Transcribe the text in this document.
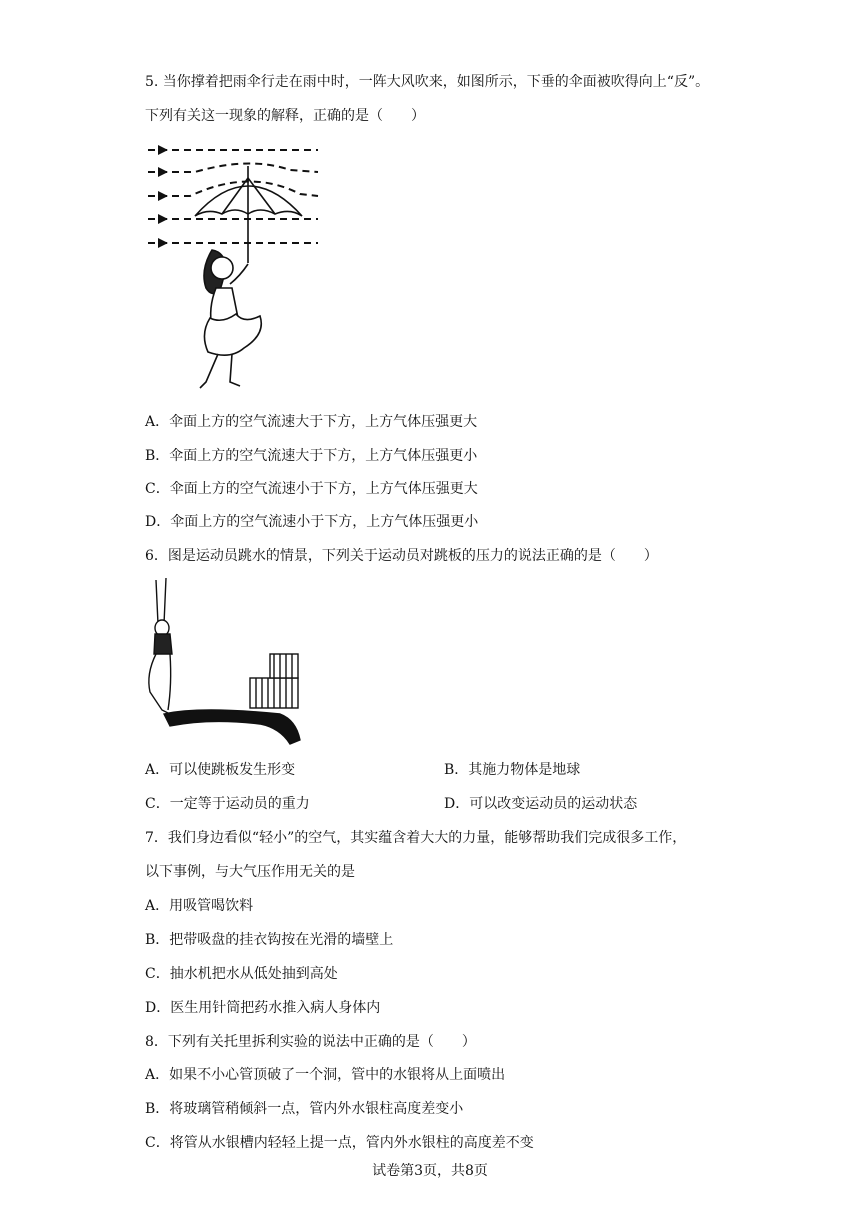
5. 当你撑着把雨伞行走在雨中时，一阵大风吹来，如图所示，下垂的伞面被吹得向上“反”。
下列有关这一现象的解释，正确的是（　　）
A．伞面上方的空气流速大于下方，上方气体压强更大
B．伞面上方的空气流速大于下方，上方气体压强更小
C．伞面上方的空气流速小于下方，上方气体压强更大
D．伞面上方的空气流速小于下方，上方气体压强更小
6．图是运动员跳水的情景，下列关于运动员对跳板的压力的说法正确的是（　　）
A．可以使跳板发生形变	B．其施力物体是地球
C．一定等于运动员的重力	D．可以改变运动员的运动状态
7．我们身边看似“轻小”的空气，其实蕴含着大大的力量，能够帮助我们完成很多工作，
以下事例，与大气压作用无关的是
A．用吸管喝饮料
B．把带吸盘的挂衣钩按在光滑的墙壁上
C．抽水机把水从低处抽到高处
D．医生用针筒把药水推入病人身体内
8．下列有关托里拆利实验的说法中正确的是（　　）
A．如果不小心管顶破了一个洞，管中的水银将从上面喷出
B．将玻璃管稍倾斜一点，管内外水银柱高度差变小
C．将管从水银槽内轻轻上提一点，管内外水银柱的高度差不变
试卷第3页，共8页
